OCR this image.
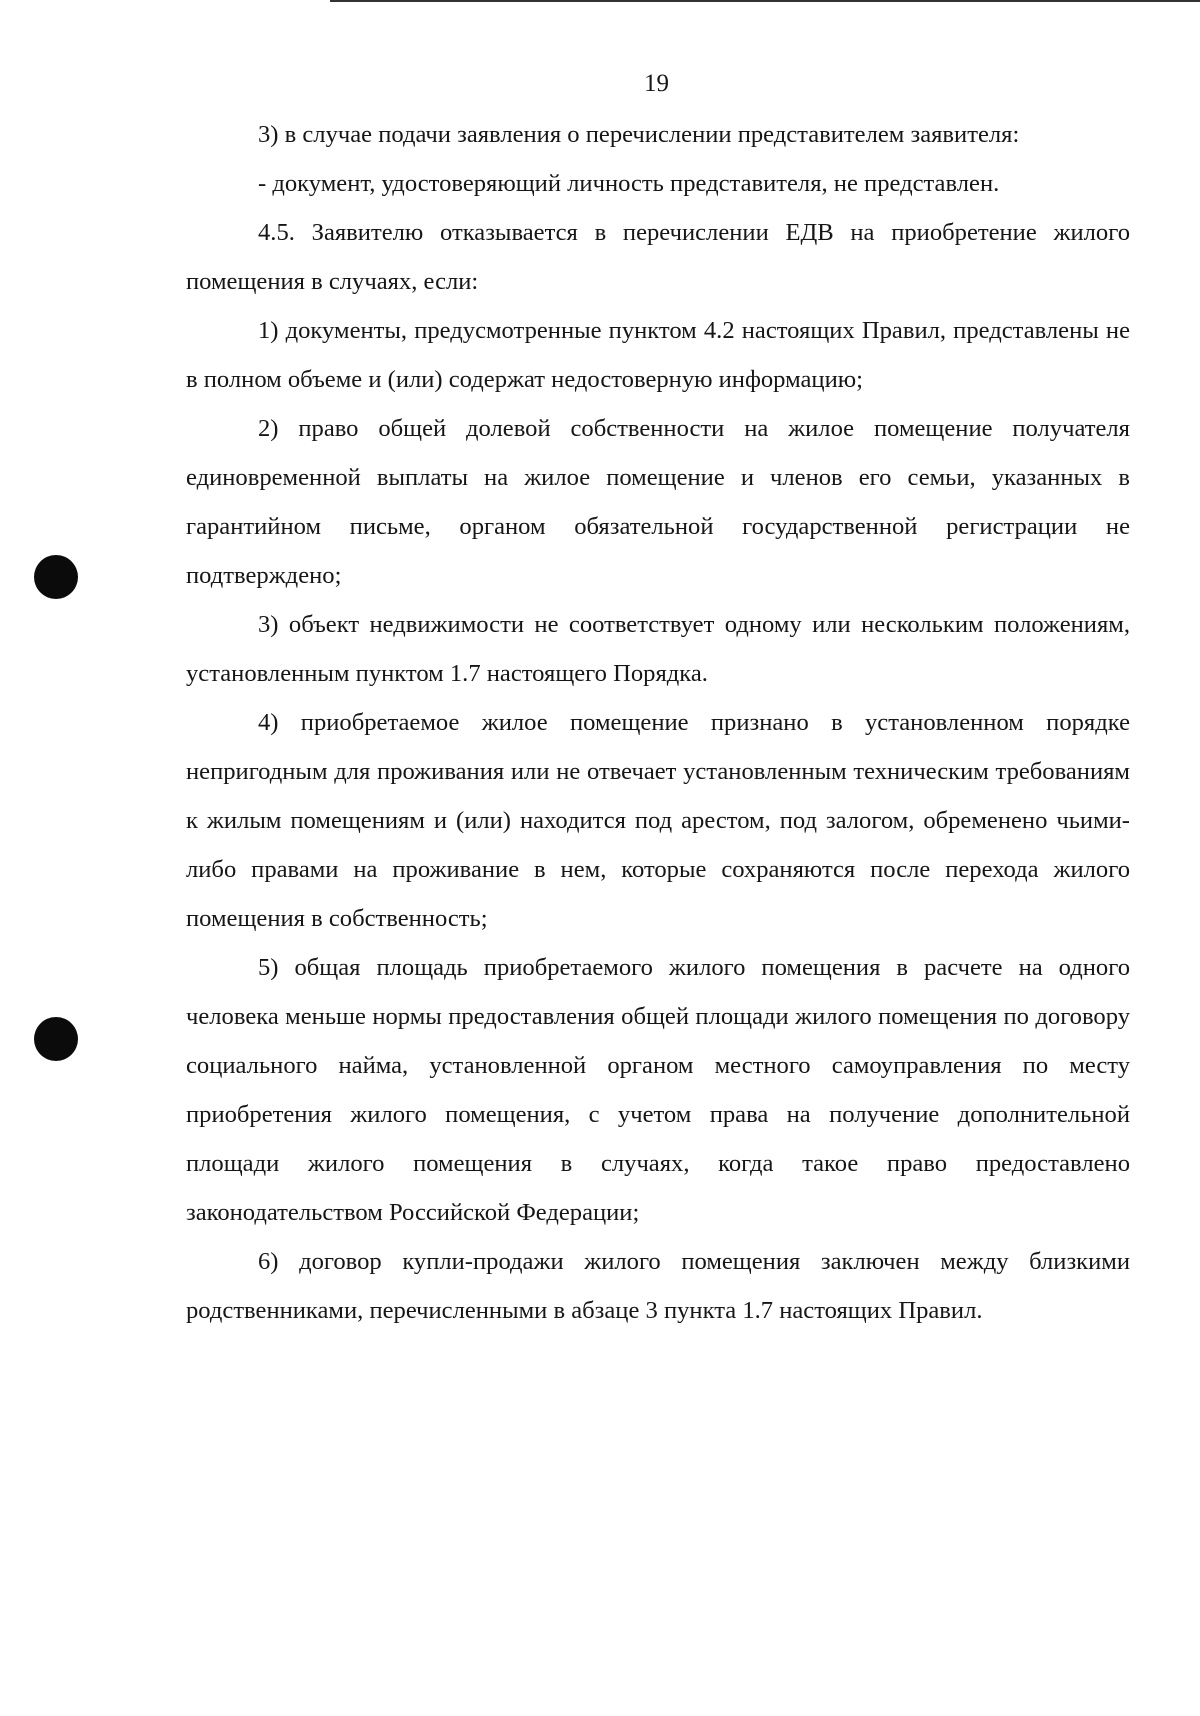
19

3) в случае подачи заявления о перечислении представителем заявителя:

- документ, удостоверяющий личность представителя, не представлен.

4.5. Заявителю отказывается в перечислении ЕДВ на приобретение жилого помещения в случаях, если:

1) документы, предусмотренные пунктом 4.2 настоящих Правил, представлены не в полном объеме и (или) содержат недостоверную информацию;

2) право общей долевой собственности на жилое помещение получателя единовременной выплаты на жилое помещение и членов его семьи, указанных в гарантийном письме, органом обязательной государственной регистрации не подтверждено;

3) объект недвижимости не соответствует одному или нескольким положениям, установленным пунктом 1.7 настоящего Порядка.

4) приобретаемое жилое помещение признано в установленном порядке непригодным для проживания или не отвечает установленным техническим требованиям к жилым помещениям и (или) находится под арестом, под залогом, обременено чьими-либо правами на проживание в нем, которые сохраняются после перехода жилого помещения в собственность;

5) общая площадь приобретаемого жилого помещения в расчете на одного человека меньше нормы предоставления общей площади жилого помещения по договору социального найма, установленной органом местного самоуправления по месту приобретения жилого помещения, с учетом права на получение дополнительной площади жилого помещения в случаях, когда такое право предоставлено законодательством Российской Федерации;

6) договор купли-продажи жилого помещения заключен между близкими родственниками, перечисленными в абзаце 3 пункта 1.7 настоящих Правил.
